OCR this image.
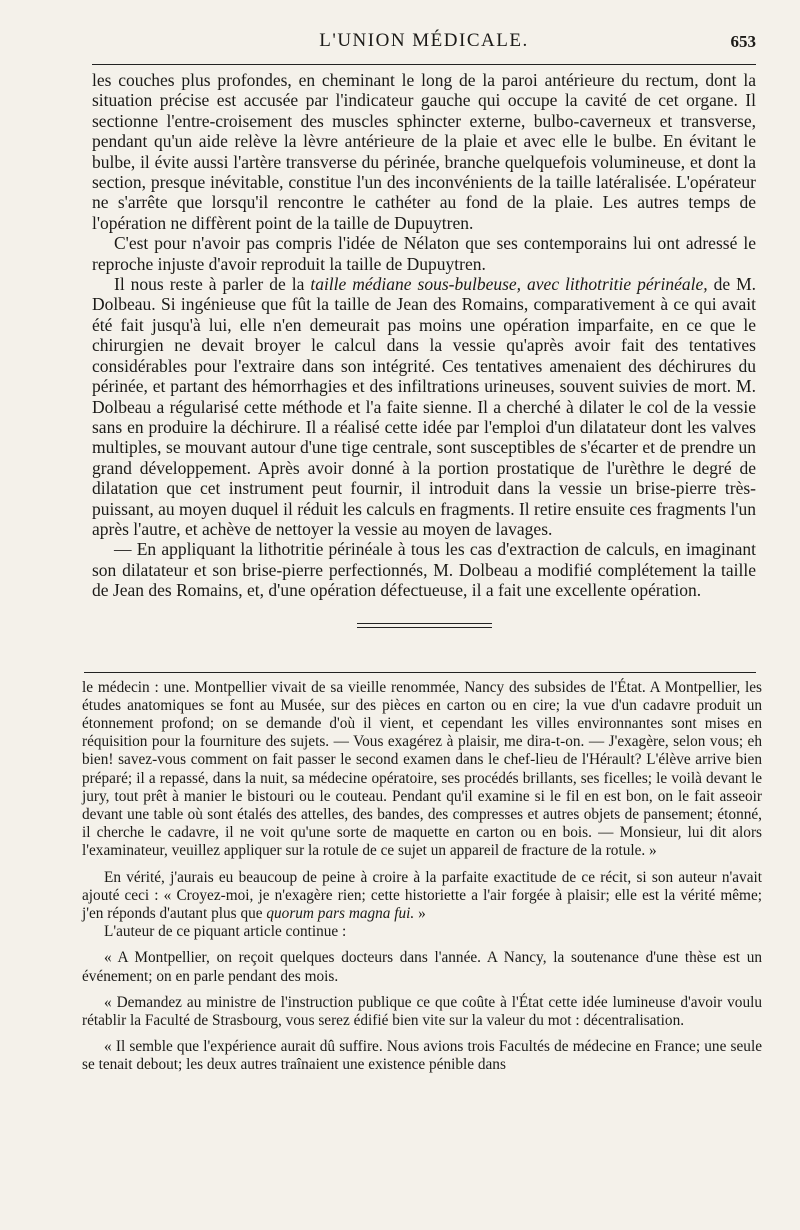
L'UNION MÉDICALE.	653

les couches plus profondes, en cheminant le long de la paroi antérieure du rectum, dont la situation précise est accusée par l'indicateur gauche qui occupe la cavité de cet organe. Il sectionne l'entre-croisement des muscles sphincter externe, bulbo-caverneux et transverse, pendant qu'un aide relève la lèvre antérieure de la plaie et avec elle le bulbe. En évitant le bulbe, il évite aussi l'artère transverse du périnée, branche quelquefois volumineuse, et dont la section, presque inévitable, constitue l'un des inconvénients de la taille latéralisée. L'opérateur ne s'arrête que lorsqu'il rencontre le cathéter au fond de la plaie. Les autres temps de l'opération ne diffèrent point de la taille de Dupuytren.

C'est pour n'avoir pas compris l'idée de Nélaton que ses contemporains lui ont adressé le reproche injuste d'avoir reproduit la taille de Dupuytren.

Il nous reste à parler de la taille médiane sous-bulbeuse, avec lithotritie périnéale, de M. Dolbeau. Si ingénieuse que fût la taille de Jean des Romains, comparativement à ce qui avait été fait jusqu'à lui, elle n'en demeurait pas moins une opération imparfaite, en ce que le chirurgien ne devait broyer le calcul dans la vessie qu'après avoir fait des tentatives considérables pour l'extraire dans son intégrité. Ces tentatives amenaient des déchirures du périnée, et partant des hémorrhagies et des infiltrations urineuses, souvent suivies de mort. M. Dolbeau a régularisé cette méthode et l'a faite sienne. Il a cherché à dilater le col de la vessie sans en produire la déchirure. Il a réalisé cette idée par l'emploi d'un dilatateur dont les valves multiples, se mouvant autour d'une tige centrale, sont susceptibles de s'écarter et de prendre un grand développement. Après avoir donné à la portion prostatique de l'urèthre le degré de dilatation que cet instrument peut fournir, il introduit dans la vessie un brise-pierre très-puissant, au moyen duquel il réduit les calculs en fragments. Il retire ensuite ces fragments l'un après l'autre, et achève de nettoyer la vessie au moyen de lavages.

— En appliquant la lithotritie périnéale à tous les cas d'extraction de calculs, en imaginant son dilatateur et son brise-pierre perfectionnés, M. Dolbeau a modifié complétement la taille de Jean des Romains, et, d'une opération défectueuse, il a fait une excellente opération.

le médecin : une. Montpellier vivait de sa vieille renommée, Nancy des subsides de l'État. A Montpellier, les études anatomiques se font au Musée, sur des pièces en carton ou en cire; la vue d'un cadavre produit un étonnement profond; on se demande d'où il vient, et cependant les villes environnantes sont mises en réquisition pour la fourniture des sujets. — Vous exagérez à plaisir, me dira-t-on. — J'exagère, selon vous; eh bien! savez-vous comment on fait passer le second examen dans le chef-lieu de l'Hérault? L'élève arrive bien préparé; il a repassé, dans la nuit, sa médecine opératoire, ses procédés brillants, ses ficelles; le voilà devant le jury, tout prêt à manier le bistouri ou le couteau. Pendant qu'il examine si le fil en est bon, on le fait asseoir devant une table où sont étalés des attelles, des bandes, des compresses et autres objets de pansement; étonné, il cherche le cadavre, il ne voit qu'une sorte de maquette en carton ou en bois. — Monsieur, lui dit alors l'examinateur, veuillez appliquer sur la rotule de ce sujet un appareil de fracture de la rotule. »

En vérité, j'aurais eu beaucoup de peine à croire à la parfaite exactitude de ce récit, si son auteur n'avait ajouté ceci : « Croyez-moi, je n'exagère rien; cette historiette a l'air forgée à plaisir; elle est la vérité même; j'en réponds d'autant plus que quorum pars magna fui. »

L'auteur de ce piquant article continue :

« A Montpellier, on reçoit quelques docteurs dans l'année. A Nancy, la soutenance d'une thèse est un événement; on en parle pendant des mois.

« Demandez au ministre de l'instruction publique ce que coûte à l'État cette idée lumineuse d'avoir voulu rétablir la Faculté de Strasbourg, vous serez édifié bien vite sur la valeur du mot : décentralisation.

« Il semble que l'expérience aurait dû suffire. Nous avions trois Facultés de médecine en France; une seule se tenait debout; les deux autres traînaient une existence pénible dans
